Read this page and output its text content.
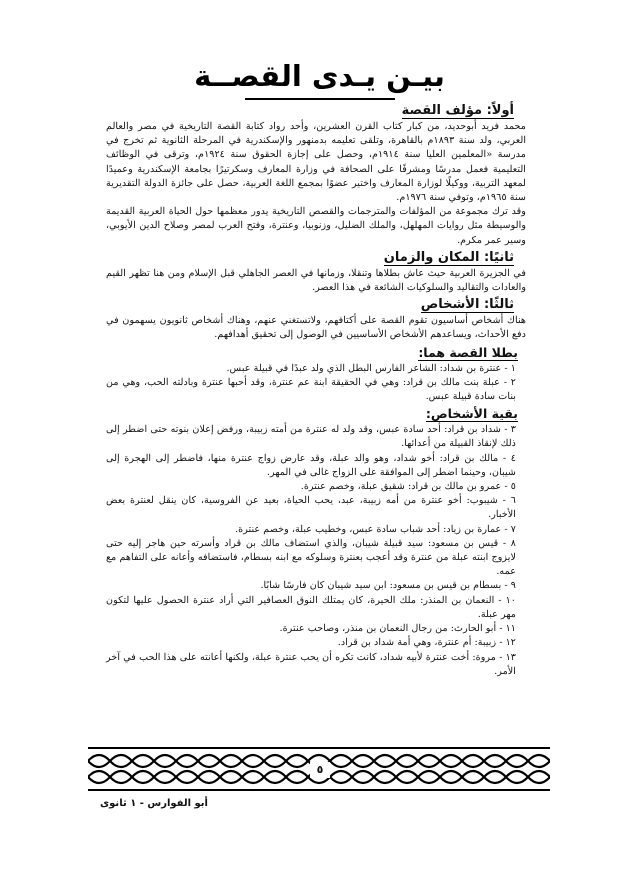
بيـن يـدى القصــة
أولاً: مؤلف القصة

محمد فريد أبوحديد، من كبار كتاب القرن العشرين، وأحد رواد كتابة القصة التاريخية في مصر والعالم العربي، ولد سنة ١٨٩٣م بالقاهرة، وتلقى تعليمه بدمنهور والإسكندرية في المرحلة الثانوية ثم تخرج في مدرسة «المعلمين العليا سنة ١٩١٤م، وحصل على إجازة الحقوق سنة ١٩٢٤م، وترقى في الوظائف التعليمية فعمل مدرسًا ومشرفًا على الصحافة في وزارة المعارف وسكرتيرًا بجامعة الإسكندرية وعميدًا لمعهد التربية، ووكيلًا لوزارة المعارف واختير عضوًا بمجمع اللغة العربية، حصل على جائزة الدولة التقديرية سنة ١٩٦٥م، وتوفي سنة ١٩٧٦م.

وقد ترك مجموعة من المؤلفات والمترجمات والقصص التاريخية يدور معظمها حول الحياة العربية القديمة والوسيطة مثل روايات المهلهل، والملك الضليل، وزنوبيا، وعنترة، وفتح العرب لمصر وصلاح الدين الأيوبي، وسير عمر مكرم.

ثانيًا: المكان والزمان

في الجزيرة العربية حيث عاش بطلاها وتنقلا، وزمانها في العصر الجاهلي قبل الإسلام ومن هنا تظهر القيم والعادات والتقاليد والسلوكيات الشائعة في هذا العصر.

ثالثًا: الأشخاص

هناك أشخاص أساسيون تقوم القصة على أكتافهم، ولاتستغني عنهم، وهناك أشخاص ثانويون يسهمون في دفع الأحداث، ويساعدهم الأشخاص الأساسيين في الوصول إلى تحقيق أهدافهم.

بطلا القصة هما:

١ - عنترة بن شداد: الشاعر الفارس البطل الذي ولد عبدًا في قبيلة عبس.

٢ - عبلة بنت مالك بن قراد: وهي في الحقيقة ابنة عم عنترة، وقد أحبها عنترة وبادلته الحب، وهي من بنات سادة قبيلة عبس.

بقية الأشخاص:

٣ - شداد بن قراد: أحد سادة عبس، وقد ولد له عنترة من أمته زبيبة، ورفض إعلان بنوته حتى اضطر إلى ذلك لإنقاذ القبيلة من أعدائها.

٤ - مالك بن قراد: أخو شداد، وهو والد عبلة، وقد عارض زواج عنترة منها، فاضطر إلى الهجرة إلى شيبان، وحينما اضطر إلى الموافقة على الزواج غالى في المهر.

٥ - عمرو بن مالك بن قراد: شقيق عبلة، وخصم عنترة.

٦ - شيبوب: أخو عنترة من أمه زبيبة، عبد، يحب الحياة، بعيد عن الفروسية، كان ينقل لعنترة بعض الأخبار.

٧ - عمارة بن زياد: أحد شباب سادة عبس، وخطيب عبلة، وخصم عنترة.

٨ - قيس بن مسعود: سيد قبيلة شيبان، والذي استضاف مالك بن قراد وأسرته حين هاجر إليه حتى لايزوج ابنته عبلة من عنترة وقد أعجب بعنترة وسلوكه مع ابنه بسطام، فاستضافه وأعانه على التفاهم مع عمه.

٩ - بسطام بن قيس بن مسعود: ابن سيد شيبان كان فارسًا شابًا.

١٠ - النعمان بن المنذر: ملك الحيرة، كان يمتلك النوق العصافير التي أراد عنترة الحصول عليها لتكون مهر عبلة.

١١ - أبو الحارث: من رجال النعمان بن منذر، وصاحب عنترة.

١٢ - زبيبة: أم عنترة، وهي أمة شداد بن قراد.

١٣ - مروة: أخت عنترة لأبيه شداد، كانت تكره أن يحب عنترة عبلة، ولكنها أعانته على هذا الحب في آخر الأمر.

٥
أبو الفوارس - ١ ثانوى
